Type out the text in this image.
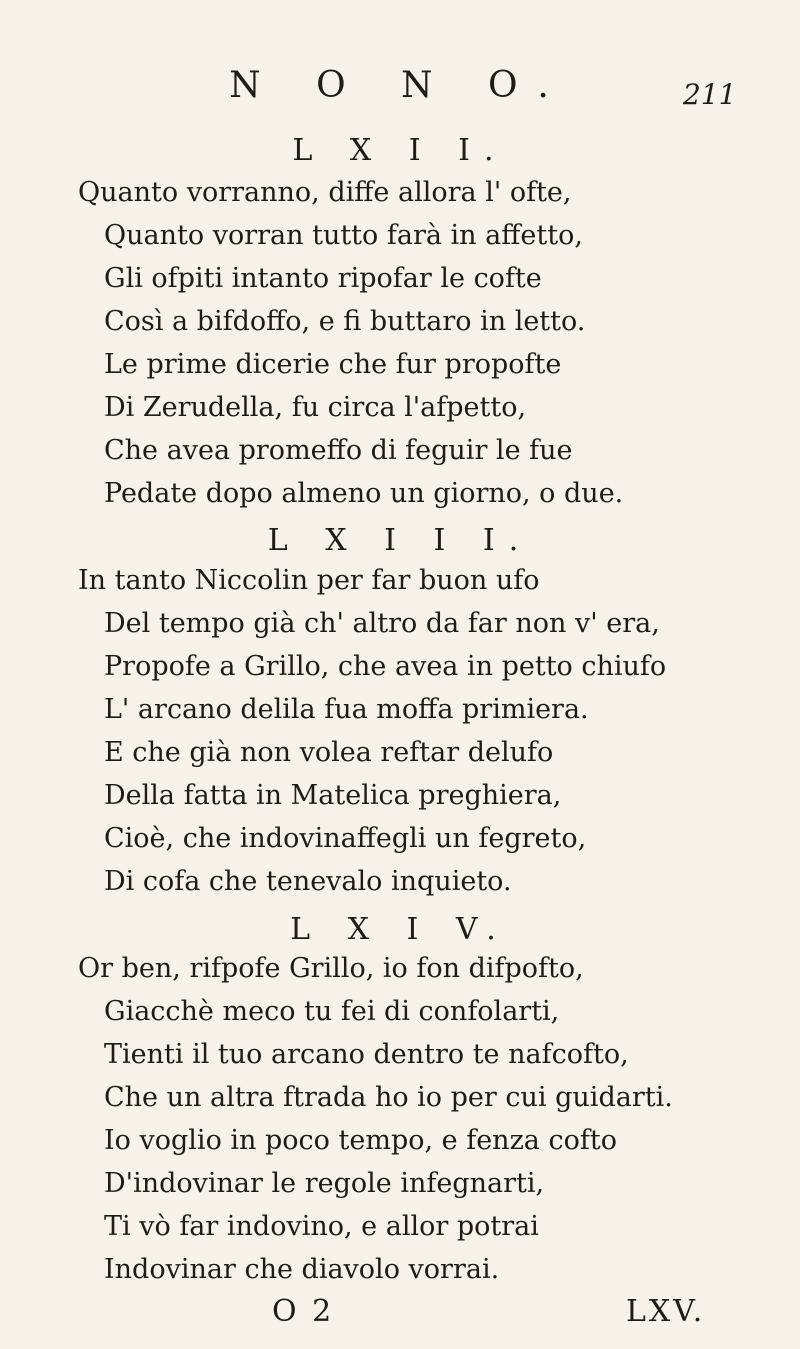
N O N O.	211
L X I I.
Quanto vorranno, diffe allora l' ofte,
Quanto vorran tutto farà in affetto,
Gli ofpiti intanto ripofar le cofte
Così a bifdoffo, e fi buttaro in letto.
Le prime dicerie che fur propofte
Di Zerudella, fu circa l'afpetto,
Che avea promeffo di feguir le fue
Pedate dopo almeno un giorno, o due.
L X I I I.
In tanto Niccolin per far buon ufo
Del tempo già ch' altro da far non v' era,
Propofe a Grillo, che avea in petto chiufo
L' arcano delila fua moffa primiera.
E che già non volea reftar delufo
Della fatta in Matelica preghiera,
Cioè, che indovinaffegli un fegreto,
Di cofa che tenevalo inquieto.
L X I V.
Or ben, rifpofe Grillo, io fon difpofto,
Giacchè meco tu fei di confolarti,
Tienti il tuo arcano dentro te nafcofto,
Che un altra ftrada ho io per cui guidarti.
Io voglio in poco tempo, e fenza cofto
D'indovinar le regole infegnarti,
Ti vò far indovino, e allor potrai
Indovinar che diavolo vorrai.
O 2	LXV.
